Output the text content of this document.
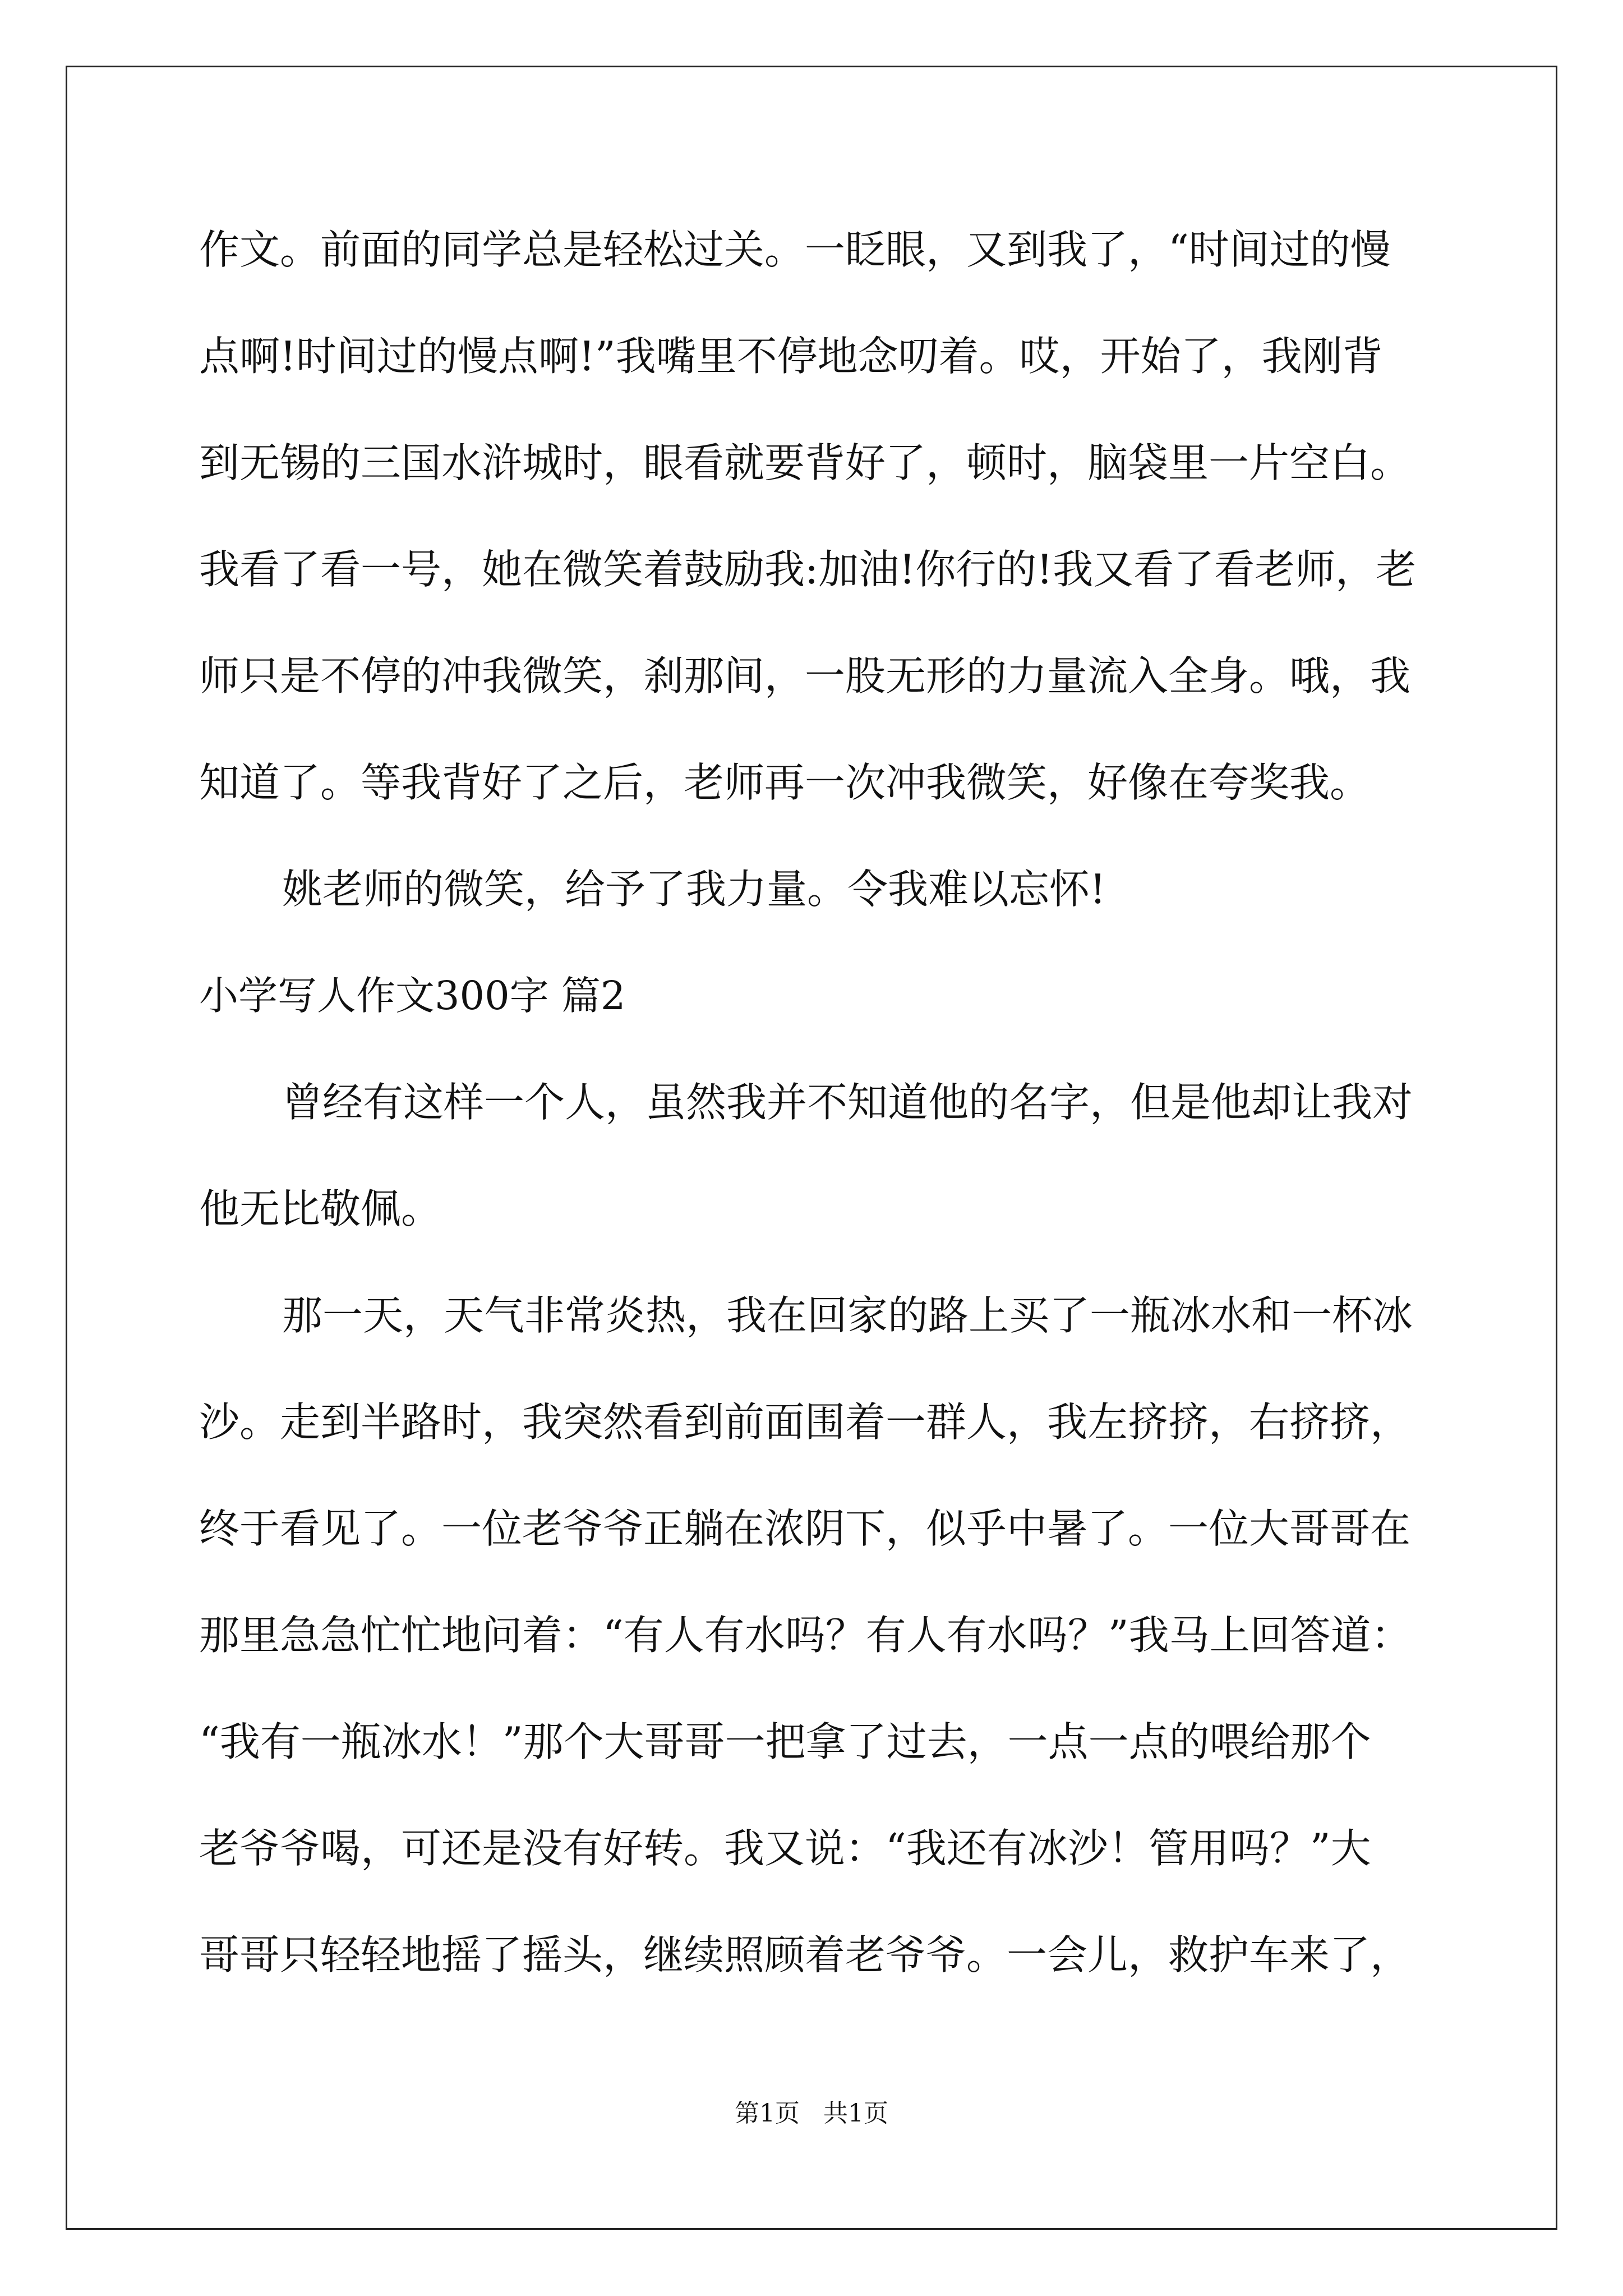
作文。前面的同学总是轻松过关。一眨眼，又到我了，“时间过的慢
点啊!时间过的慢点啊!”我嘴里不停地念叨着。哎，开始了，我刚背
到无锡的三国水浒城时，眼看就要背好了，顿时，脑袋里一片空白。
我看了看一号，她在微笑着鼓励我:加油!你行的!我又看了看老师，老
师只是不停的冲我微笑，刹那间，一股无形的力量流入全身。哦，我
知道了。等我背好了之后，老师再一次冲我微笑，好像在夸奖我。
姚老师的微笑，给予了我力量。令我难以忘怀!
小学写人作文300字 篇2
曾经有这样一个人，虽然我并不知道他的名字，但是他却让我对
他无比敬佩。
那一天，天气非常炎热，我在回家的路上买了一瓶冰水和一杯冰
沙。走到半路时，我突然看到前面围着一群人，我左挤挤，右挤挤，
终于看见了。一位老爷爷正躺在浓阴下，似乎中暑了。一位大哥哥在
那里急急忙忙地问着：“有人有水吗？有人有水吗？”我马上回答道：
“我有一瓶冰水！”那个大哥哥一把拿了过去，一点一点的喂给那个
老爷爷喝，可还是没有好转。我又说：“我还有冰沙！管用吗？”大
哥哥只轻轻地摇了摇头，继续照顾着老爷爷。一会儿，救护车来了，
第1页   共1页
